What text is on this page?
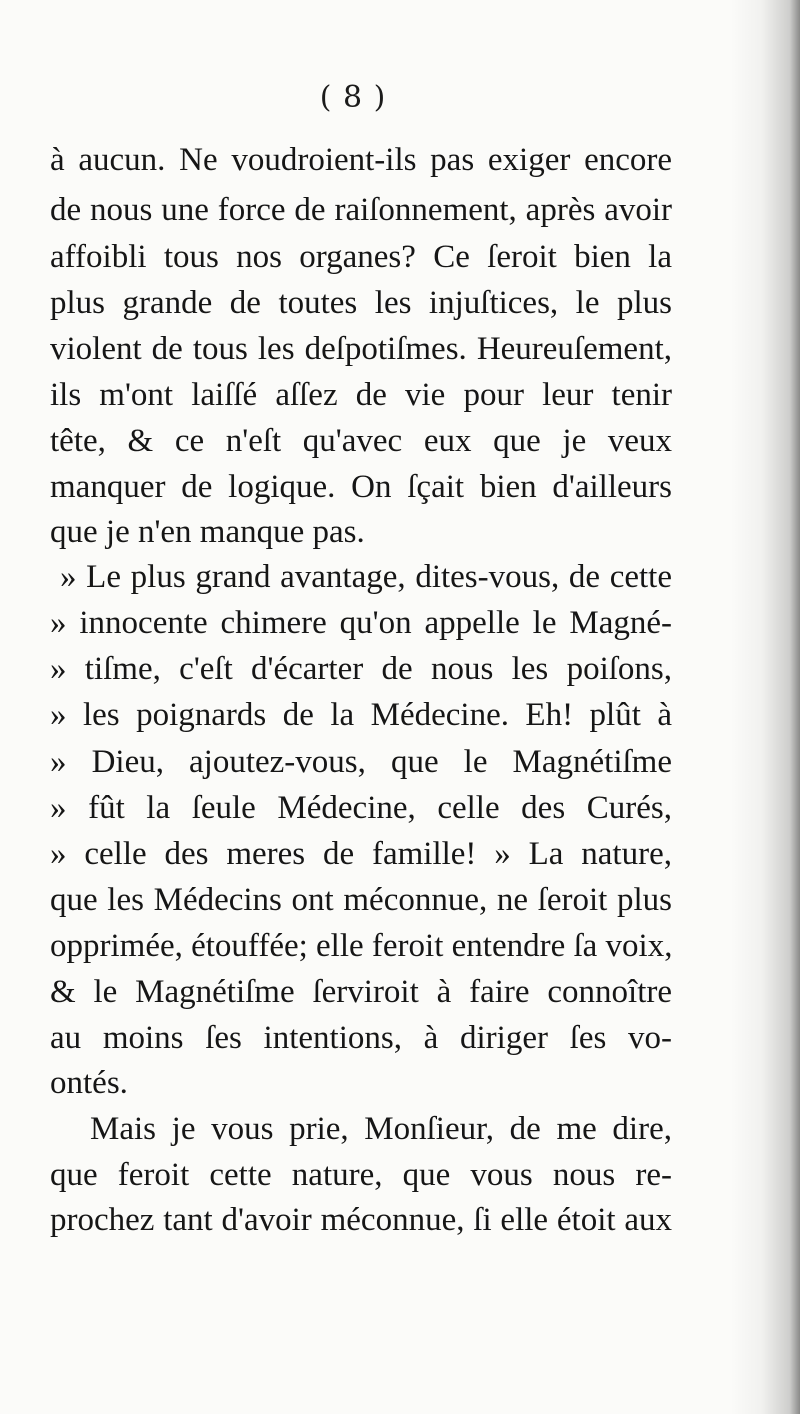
( 8 )
à aucun. Ne voudroient-ils pas exiger encore
de nous une force de raiſonnement, après avoir
affoibli tous nos organes? Ce ſeroit bien la
plus grande de toutes les injuſtices, le plus
violent de tous les deſpotiſmes. Heureuſement,
ils m'ont laiſſé aſſez de vie pour leur tenir
tête, & ce n'eſt qu'avec eux que je veux
manquer de logique. On ſçait bien d'ailleurs
que je n'en manque pas.
» Le plus grand avantage, dites-vous, de cette
» innocente chimere qu'on appelle le Magné-
» tiſme, c'eſt d'écarter de nous les poiſons,
» les poignards de la Médecine. Eh! plût à
» Dieu, ajoutez-vous, que le Magnétiſme
» fût la ſeule Médecine, celle des Curés,
» celle des meres de famille! » La nature,
que les Médecins ont méconnue, ne ſeroit plus
opprimée, étouffée; elle feroit entendre ſa voix,
& le Magnétiſme ſerviroit à faire connoître
au moins ſes intentions, à diriger ſes vo-
ontés.
Mais je vous prie, Monſieur, de me dire,
que feroit cette nature, que vous nous re-
prochez tant d'avoir méconnue, ſi elle étoit aux
